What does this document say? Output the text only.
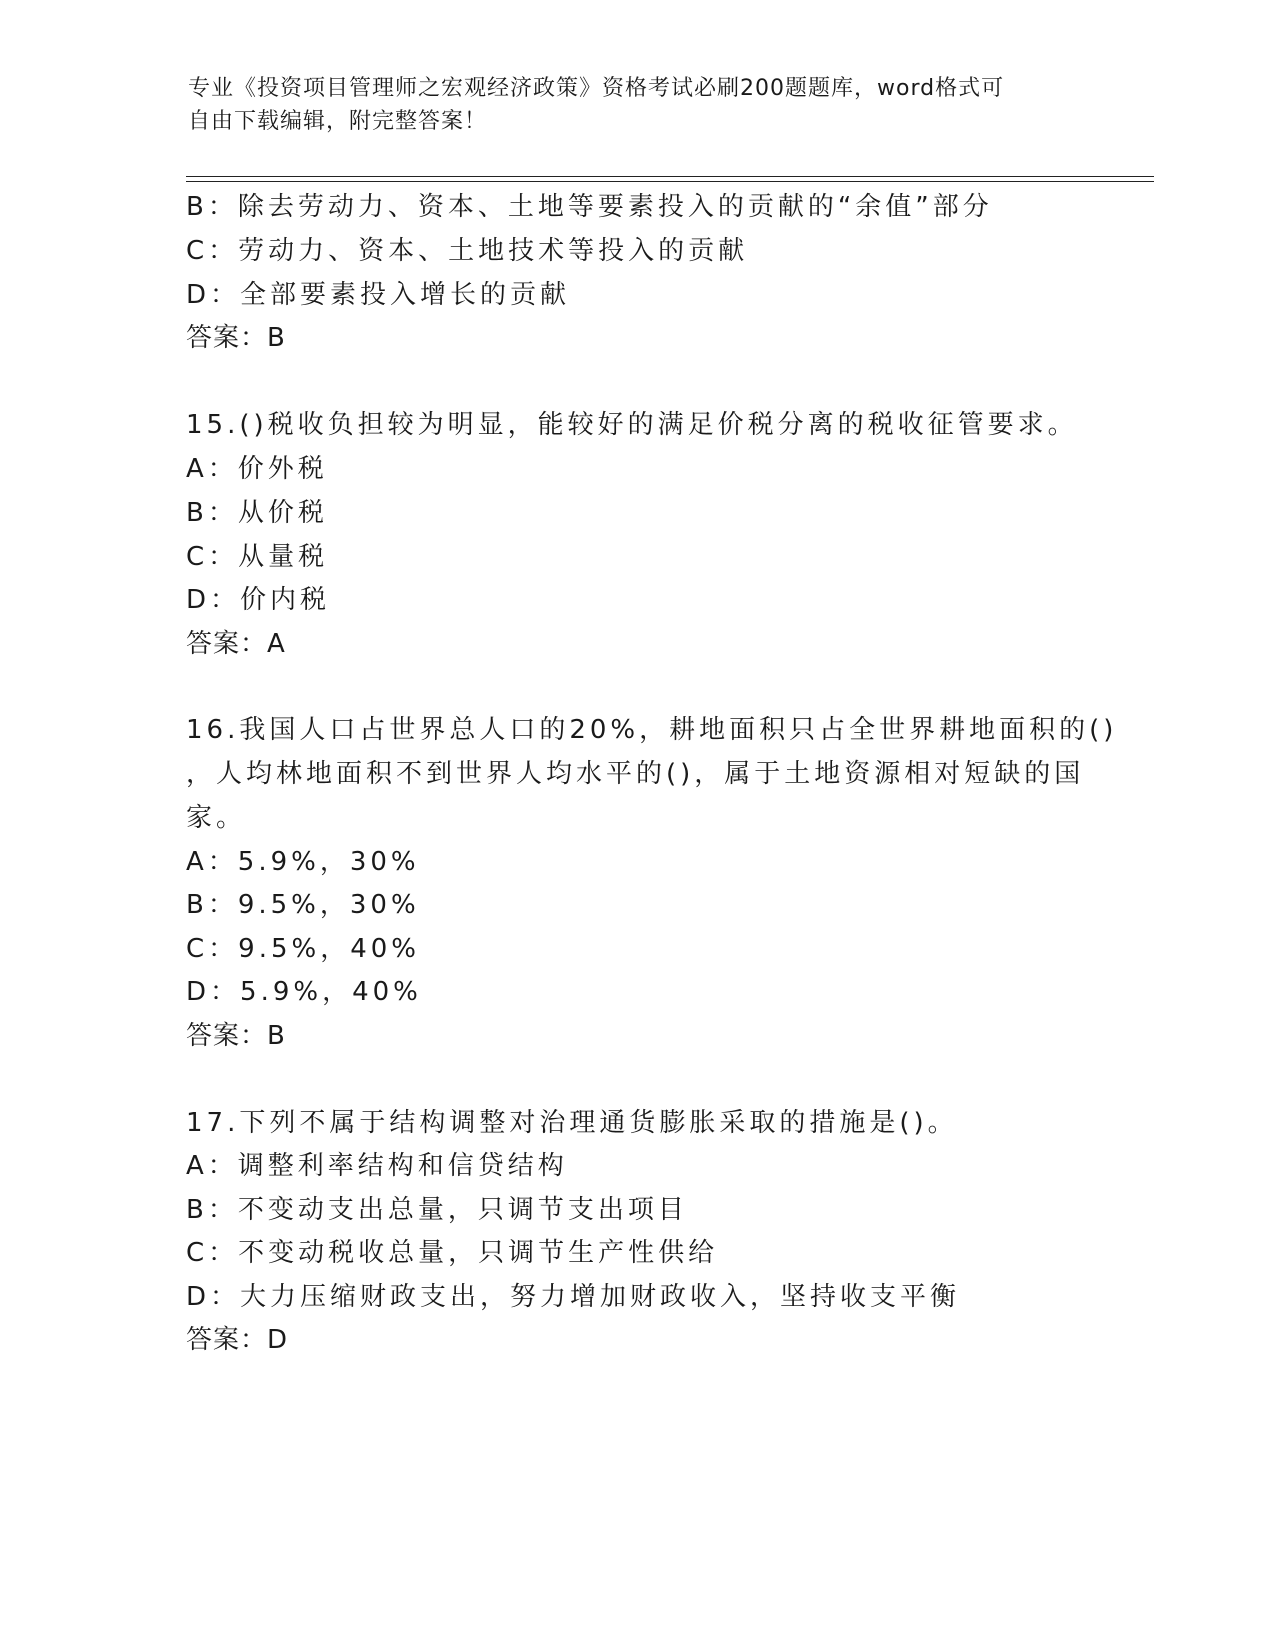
专业《投资项目管理师之宏观经济政策》资格考试必刷200题题库，word格式可
自由下载编辑，附完整答案！
B：除去劳动力、资本、土地等要素投入的贡献的“余值”部分
C：劳动力、资本、土地技术等投入的贡献
D：全部要素投入增长的贡献
答案：B
15.()税收负担较为明显，能较好的满足价税分离的税收征管要求。
A：价外税
B：从价税
C：从量税
D：价内税
答案：A
16.我国人口占世界总人口的20%，耕地面积只占全世界耕地面积的()
，人均林地面积不到世界人均水平的()，属于土地资源相对短缺的国
家。
A：5.9%，30%
B：9.5%，30%
C：9.5%，40%
D：5.9%，40%
答案：B
17.下列不属于结构调整对治理通货膨胀采取的措施是()。
A：调整利率结构和信贷结构
B：不变动支出总量，只调节支出项目
C：不变动税收总量，只调节生产性供给
D：大力压缩财政支出，努力增加财政收入，坚持收支平衡
答案：D
